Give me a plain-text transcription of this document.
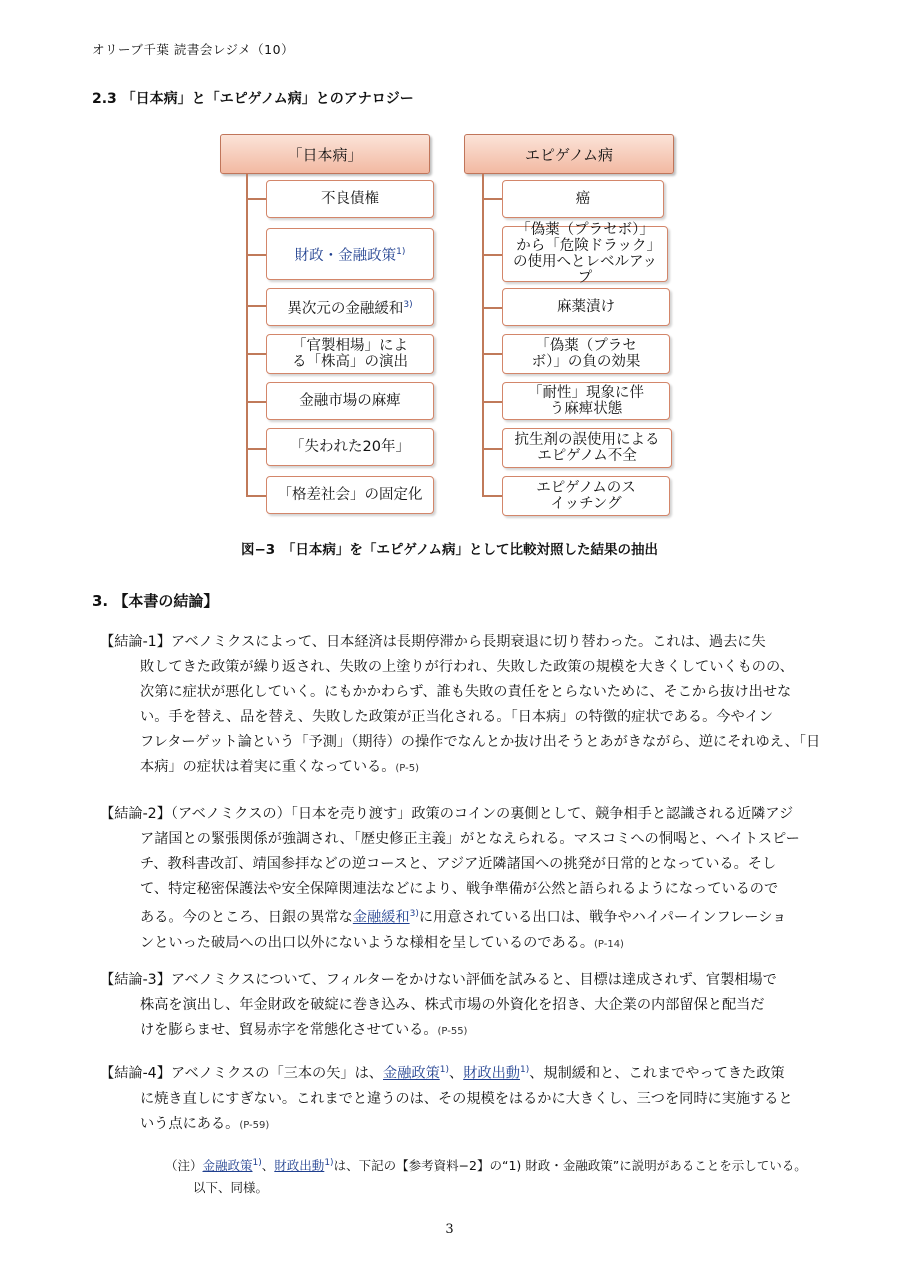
オリーブ千葉 読書会レジメ（10）
2.3 「日本病」と「エピゲノム病」とのアナロジー
「日本病」
不良債権
財政・金融政策$^{1)}$
異次元の金融緩和$^{3)}$
「官製相場」による「株高」の演出
金融市場の麻痺
「失われた20年」
「格差社会」の固定化
エピゲノム病
癌
「偽薬（プラセボ）」から「危険ドラック」の使用へとレベルアップ
麻薬漬け
「偽薬（プラセボ）」の負の効果
「耐性」現象に伴う麻痺状態
抗生剤の誤使用によるエピゲノム不全
エピゲノムのスイッチング
図−3　「日本病」を「エピゲノム病」として比較対照した結果の抽出
3. 【本書の結論】
【結論-1】アベノミクスによって、日本経済は長期停滞から長期衰退に切り替わった。これは、過去に失
敗してきた政策が繰り返され、失敗の上塗りが行われ、失敗した政策の規模を大きくしていくものの、
次第に症状が悪化していく。にもかかわらず、誰も失敗の責任をとらないために、そこから抜け出せな
い。手を替え、品を替え、失敗した政策が正当化される。「日本病」の特徴的症状である。今やイン
フレターゲット論という「予測」（期待）の操作でなんとか抜け出そうとあがきながら、逆にそれゆえ、「日
本病」の症状は着実に重くなっている。(P-5)
【結論-2】（アベノミクスの）「日本を売り渡す」政策のコインの裏側として、競争相手と認識される近隣アジ
ア諸国との緊張関係が強調され、「歴史修正主義」がとなえられる。マスコミへの恫喝と、ヘイトスピー
チ、教科書改訂、靖国参拝などの逆コースと、アジア近隣諸国への挑発が日常的となっている。そし
て、特定秘密保護法や安全保障関連法などにより、戦争準備が公然と語られるようになっているので
ある。今のところ、日銀の異常な金融緩和$^{3)}$に用意されている出口は、戦争やハイパーインフレーショ
ンといった破局への出口以外にないような様相を呈しているのである。(P-14)
【結論-3】アベノミクスについて、フィルターをかけない評価を試みると、目標は達成されず、官製相場で
株高を演出し、年金財政を破綻に巻き込み、株式市場の外資化を招き、大企業の内部留保と配当だ
けを膨らませ、貿易赤字を常態化させている。(P-55)
【結論-4】アベノミクスの「三本の矢」は、金融政策$^{1)}$、財政出動$^{1)}$、規制緩和と、これまでやってきた政策
に焼き直しにすぎない。これまでと違うのは、その規模をはるかに大きくし、三つを同時に実施すると
いう点にある。(P-59)
（注）金融政策$^{1)}$、財政出動$^{1)}$は、下記の【参考資料−2】の“1) 財政・金融政策”に説明があることを示している。
以下、同様。
3
